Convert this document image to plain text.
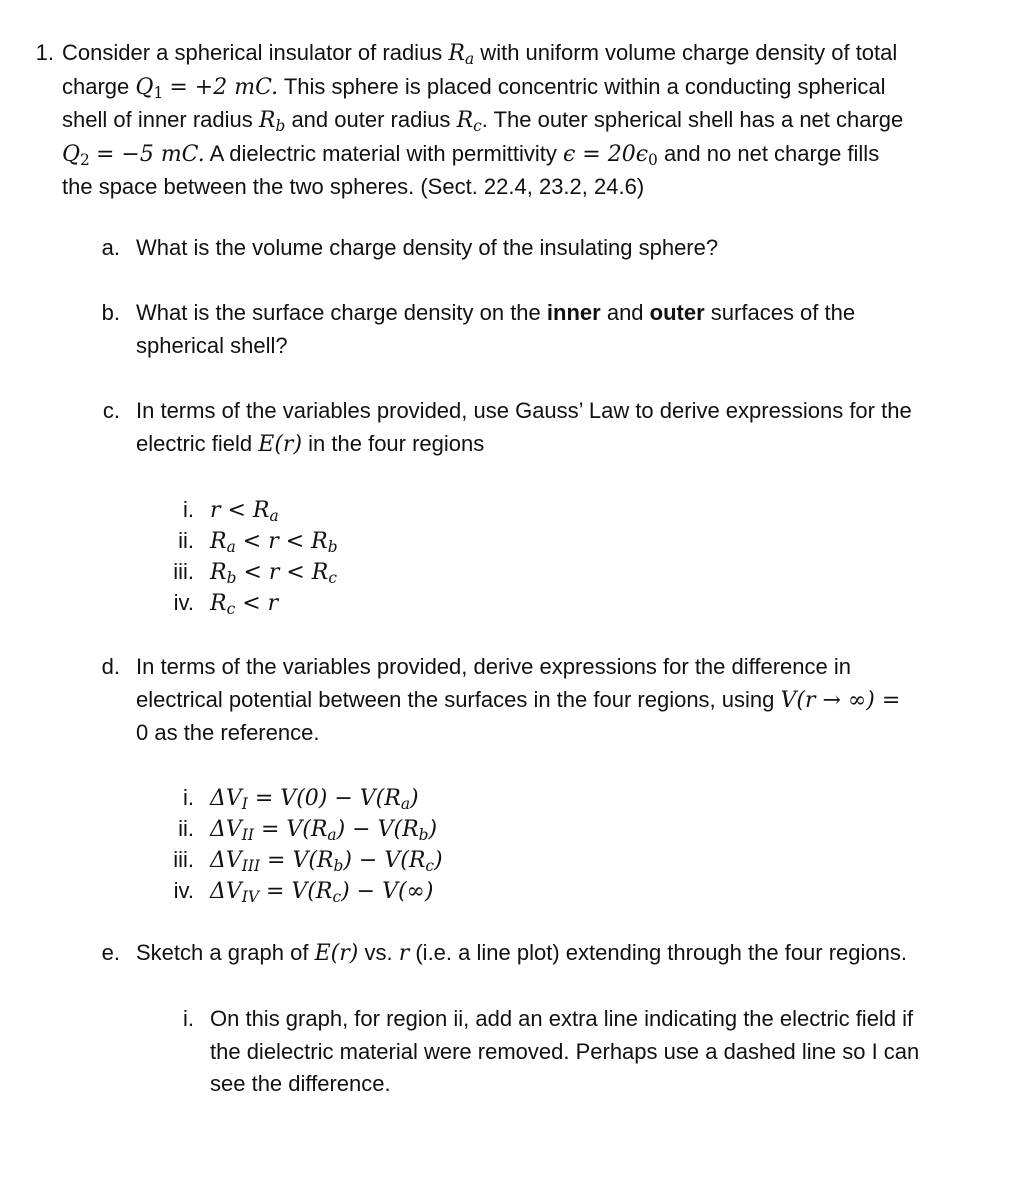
1. Consider a spherical insulator of radius $R_a$ with uniform volume charge density of total
charge $Q_1 = +2$ mC. This sphere is placed concentric within a conducting spherical
shell of inner radius $R_b$ and outer radius $R_c$. The outer spherical shell has a net charge
$Q_2 = -5$ mC. A dielectric material with permittivity $\epsilon = 20\epsilon_0$ and no net charge fills
the space between the two spheres. (Sect. 22.4, 23.2, 24.6)
a. What is the volume charge density of the insulating sphere?
b. What is the surface charge density on the inner and outer surfaces of the
spherical shell?
c. In terms of the variables provided, use Gauss’ Law to derive expressions for the
electric field E(r) in the four regions
i. $r < R_a$
ii. $R_a < r < R_b$
iii. $R_b < r < R_c$
iv. $R_c < r$
d. In terms of the variables provided, derive expressions for the difference in
electrical potential between the surfaces in the four regions, using V(r → ∞) =
0 as the reference.
i. $\Delta V_I = V(0) - V(R_a)$
ii. $\Delta V_{II} = V(R_a) - V(R_b)$
iii. $\Delta V_{III} = V(R_b) - V(R_c)$
iv. $\Delta V_{IV} = V(R_c) - V(\infty)$
e. Sketch a graph of E(r) vs. r (i.e. a line plot) extending through the four regions.
i. On this graph, for region ii, add an extra line indicating the electric field if
the dielectric material were removed. Perhaps use a dashed line so I can
see the difference.
